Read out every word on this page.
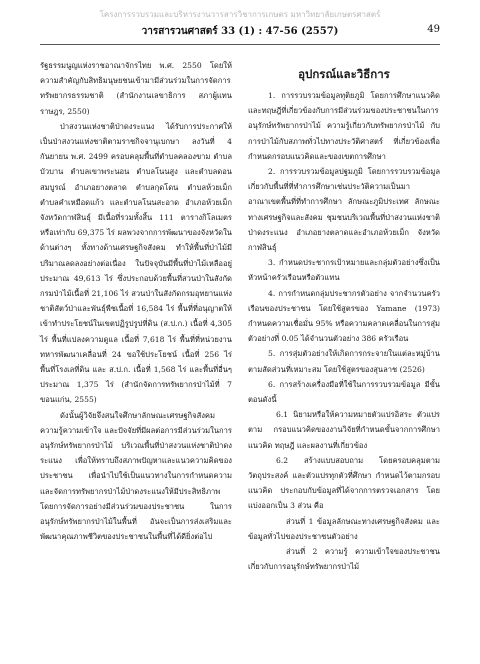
โครงการรวบรวมและบริหารงานวารสารวิชาการเกษตร มหาวิทยาลัยเกษตรศาสตร์
วารสารวนศาสตร์ 33 (1) : 47-56 (2557)	49

รัฐธรรมนูญแห่งราชอาณาจักรไทย พ.ศ. 2550 โดยให้ความสำคัญกับสิทธิมนุษยชนเข้ามามีส่วนร่วมในการจัดการทรัพยากรธรรมชาติ (สำนักงานเลขาธิการ สภาผู้แทนราษฎร, 2550)

ป่าสงวนแห่งชาติป่าดงระแนง ได้รับการประกาศให้เป็นป่าสงวนแห่งชาติตามราชกิจจานุเบกษา ลงวันที่ 4 กันยายน พ.ศ. 2499 ครอบคลุมพื้นที่ตำบลคลองขาม ตำบลบัวบาน ตำบลเขาพระนอน ตำบลโนนสูง และตำบลดอนสมบูรณ์ อำเภอยางตลาด ตำบลกุดโดน ตำบลห้วยเม็ก ตำบลคำเหมือดแก้ว และตำบลโนนสะอาด อำเภอห้วยเม็ก จังหวัดกาฬสินธุ์ มีเนื้อที่รวมทั้งสิ้น 111 ตารางกิโลเมตร หรือเท่ากับ 69,375 ไร่ ผลพวงจากการพัฒนาของจังหวัดในด้านต่างๆ ทั้งทางด้านเศรษฐกิจสังคม ทำให้พื้นที่ป่าไม้มีปริมาณลดลงอย่างต่อเนื่อง ในปัจจุบันมีพื้นที่ป่าไม้เหลืออยู่ประมาณ 49,613 ไร่ ซึ่งประกอบด้วยพื้นที่สวนป่าในสังกัดกรมป่าไม้เนื้อที่ 21,106 ไร่ สวนป่าในสังกัดกรมอุทยานแห่งชาติสัตว์ป่าและพันธุ์พืชเนื้อที่ 16,584 ไร่ พื้นที่ที่อนุญาตให้เข้าทำประโยชน์ในเขตปฏิรูปรูปที่ดิน (ส.ป.ก.) เนื้อที่ 4,305 ไร่ พื้นที่แปลงความดูแล เนื้อที่ 7,618 ไร่ พื้นที่ที่หน่วยงานทหารพัฒนาเคลื่อนที่ 24 ขอใช้ประโยชน์ เนื้อที่ 256 ไร่ พื้นที่โรงเลที่ดิน และ ส.ป.ก. เนื้อที่ 1,568 ไร่ และพื้นที่อื่นๆ ประมาณ 1,375 ไร่ (สำนักจัดการทรัพยากรป่าไม้ที่ 7 ขอนแก่น, 2555)

ดังนั้นผู้วิจัยจึงสนใจศึกษาลักษณะเศรษฐกิจสังคม ความรู้ความเข้าใจ และปัจจัยที่มีผลต่อการมีส่วนร่วมในการอนุรักษ์ทรัพยากรป่าไม้ บริเวณพื้นที่ป่าสงวนแห่งชาติป่าดงระแนง เพื่อให้ทราบถึงสภาพปัญหาและแนวความคิดของประชาชน เพื่อนำไปใช้เป็นแนวทางในการกำหนดความและจัดการทรัพยากรป่าไม้ป่าดงระแนงให้มีประสิทธิภาพ โดยการจัดการอย่างมีส่วนร่วมของประชาชน ในการอนุรักษ์ทรัพยากรป่าไม้ในพื้นที่ อันจะเป็นการส่งเสริมและพัฒนาคุณภาพชีวิตของประชาชนในพื้นที่ได้ดียิ่งต่อไป

อุปกรณ์และวิธีการ

1. การรวบรวมข้อมูลทุติยภูมิ โดยการศึกษาแนวคิดและทฤษฎีที่เกี่ยวข้องกับการมีส่วนร่วมของประชาชนในการอนุรักษ์ทรัพยากรป่าไม้ ความรู้เกี่ยวกับทรัพยากรป่าไม้ กับการป่าไม้กับสภาพทั่วไปทางประวัติศาสตร์ ที่เกี่ยวข้องเพื่อกำหนดกรอบแนวคิดและของเขตการศึกษา

2. การรวบรวมข้อมูลปฐมภูมิ โดยการรวบรวมข้อมูลเกี่ยวกับพื้นที่ที่ทำการศึกษาเช่นประวัติความเป็นมา อาณาเขตพื้นที่ที่ทำการศึกษา ลักษณะภูมิประเทศ ลักษณะทางเศรษฐกิจและสังคม ชุมชนบริเวณพื้นที่ป่าสงวนแห่งชาติป่าดงระแนง อำเภอยางตลาดและอำเภอห้วยเม็ก จังหวัดกาฬสินธุ์

3. กำหนดประชากรเป้าหมายและกลุ่มตัวอย่างซึ่งเป็นหัวหน้าครัวเรือนหรือตัวแทน

4. การกำหนดกลุ่มประชากรตัวอย่าง จากจำนวนครัวเรือนของประชาชน โดยใช้สูตรของ Yamane (1973) กำหนดความเชื่อมั่น 95% หรือความคลาดเคลื่อนในการสุ่มตัวอย่างที่ 0.05 ได้จำนวนตัวอย่าง 386 ครัวเรือน

5. การสุ่มตัวอย่างให้เกิดการกระจายในแต่ละหมู่บ้านตามสัดส่วนที่เหมาะสม โดยใช้สูตรของสุนลาช (2526)

6. การสร้างเครื่องมือที่ใช้ในการรวบรวมข้อมูล มีขั้นตอนดังนี้

6.1 นิยามหรือให้ความหมายตัวแปรอิสระ ตัวแปรตาม กรอบแนวคิดของงานวิจัยที่กำหนดขั้นจากการศึกษาแนวคิด ทฤษฎี และผลงานที่เกี่ยวข้อง

6.2 สร้างแบบสอบถาม โดยครอบคลุมตามวัตถุประสงค์ และตัวแปรทุกตัวที่ศึกษา กำหนดไว้ตามกรอบแนวคิด ประกอบกับข้อมูลที่ได้จากการตรวจเอกสาร โดยแบ่งออกเป็น 3 ส่วน คือ

ส่วนที่ 1 ข้อมูลลักษณะทางเศรษฐกิจสังคม และข้อมูลทั่วไปของประชาชนตัวอย่าง

ส่วนที่ 2 ความรู้ ความเข้าใจของประชาชนเกี่ยวกับการอนุรักษ์ทรัพยากรป่าไม้
